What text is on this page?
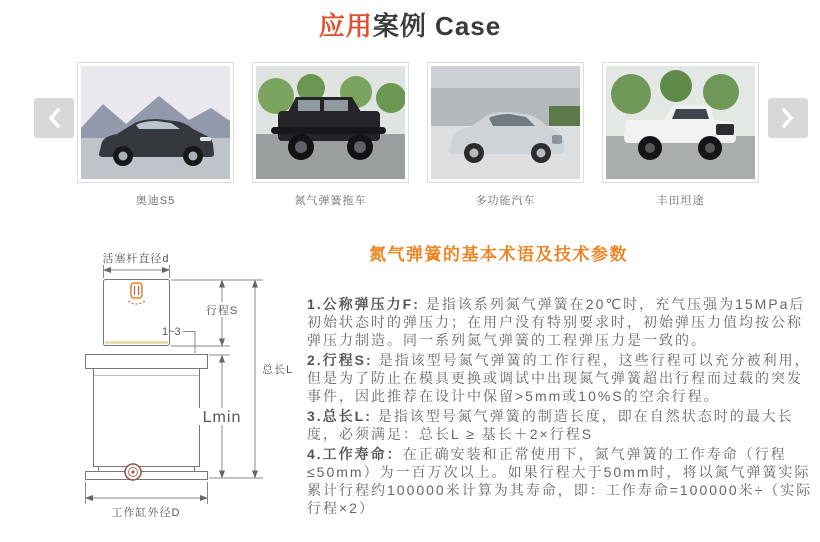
应用案例 Case
奥迪S5	氮气弹簧拖车	多功能汽车	丰田坦途
活塞杆直径d
行程S
1~3
总长L
Lmin
工作缸外径D
氮气弹簧的基本术语及技术参数

1.公称弹压力F: 是指该系列氮气弹簧在20℃时，充气压强为15MPa后初始状态时的弹压力；在用户没有特别要求时，初始弹压力值均按公称弹压力制造。同一系列氮气弹簧的工程弹压力是一致的。

2.行程S: 是指该型号氮气弹簧的工作行程，这些行程可以充分被利用，但是为了防止在模具更换或调试中出现氮气弹簧超出行程而过载的突发事件，因此推荐在设计中保留>5mm或10%S的空余行程。

3.总长L: 是指该型号氮气弹簧的制造长度，即在自然状态时的最大长度，必须满足：总长L ≥ 基长＋2×行程S

4.工作寿命：在正确安装和正常使用下，氮气弹簧的工作寿命（行程≤50mm）为一百万次以上。如果行程大于50mm时，将以氮气弹簧实际累计行程约100000米计算为其寿命，即：工作寿命=100000米÷（实际行程×2）
